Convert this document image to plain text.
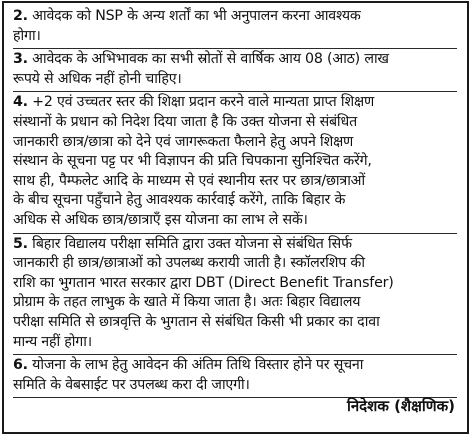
2. आवेदक को NSP के अन्य शर्तों का भी अनुपालन करना आवश्यक
होगा।
3. आवेदक के अभिभावक का सभी स्रोतों से वार्षिक आय 08 (आठ) लाख
रूपये से अधिक नहीं होनी चाहिए।
4. +2 एवं उच्चतर स्तर की शिक्षा प्रदान करने वाले मान्यता प्राप्त शिक्षण
संस्थानों के प्रधान को निदेश दिया जाता है कि उक्त योजना से संबंधित
जानकारी छात्र/छात्रा को देने एवं जागरूकता फैलाने हेतु अपने शिक्षण
संस्थान के सूचना पट्ट पर भी विज्ञापन की प्रति चिपकाना सुनिश्चित करेंगे,
साथ ही, पैम्फलेट आदि के माध्यम से एवं स्थानीय स्तर पर छात्र/छात्राओं
के बीच सूचना पहुँचाने हेतु आवश्यक कार्रवाई करेंगे, ताकि बिहार के
अधिक से अधिक छात्र/छात्राएँ इस योजना का लाभ ले सकें।
5. बिहार विद्यालय परीक्षा समिति द्वारा उक्त योजना से संबंधित सिर्फ
जानकारी ही छात्र/छात्राओं को उपलब्ध करायी जाती है। स्कॉलरशिप की
राशि का भुगतान भारत सरकार द्वारा DBT (Direct Benefit Transfer)
प्रोग्राम के तहत लाभुक के खाते में किया जाता है। अतः बिहार विद्यालय
परीक्षा समिति से छात्रवृत्ति के भुगतान से संबंधित किसी भी प्रकार का दावा
मान्य नहीं होगा।
6. योजना के लाभ हेतु आवेदन की अंतिम तिथि विस्तार होने पर सूचना
समिति के वेबसाईट पर उपलब्ध करा दी जाएगी।
निदेशक (शैक्षणिक)
